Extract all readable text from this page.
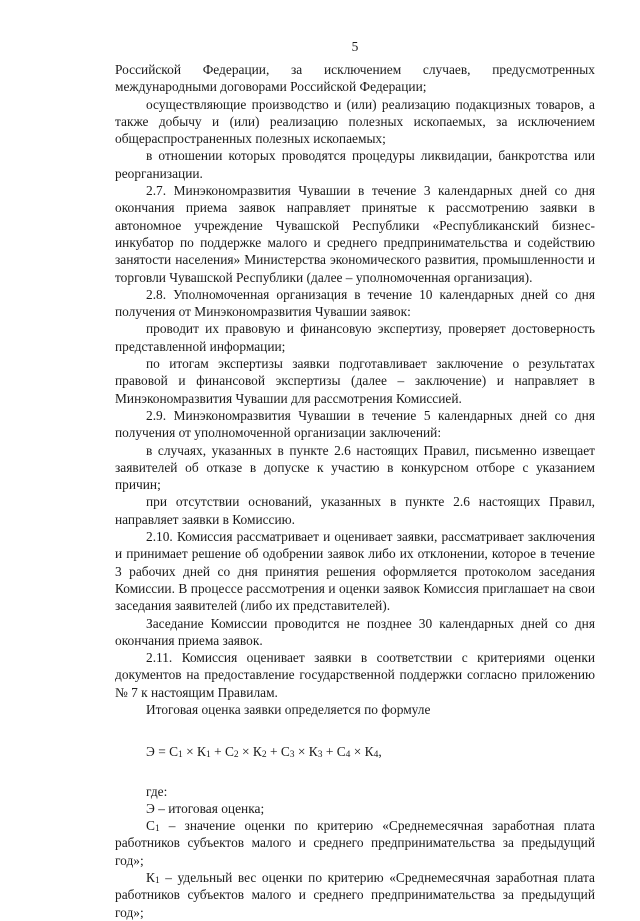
5

Российской Федерации, за исключением случаев, предусмотренных международными договорами Российской Федерации;

осуществляющие производство и (или) реализацию подакцизных товаров, а также добычу и (или) реализацию полезных ископаемых, за исключением общераспространенных полезных ископаемых;

в отношении которых проводятся процедуры ликвидации, банкротства или реорганизации.

2.7. Минэкономразвития Чувашии в течение 3 календарных дней со дня окончания приема заявок направляет принятые к рассмотрению заявки в автономное учреждение Чувашской Республики «Республиканский бизнес-инкубатор по поддержке малого и среднего предпринимательства и содействию занятости населения» Министерства экономического развития, промышленности и торговли Чувашской Республики (далее – уполномоченная организация).

2.8. Уполномоченная организация в течение 10 календарных дней со дня получения от Минэкономразвития Чувашии заявок:

проводит их правовую и финансовую экспертизу, проверяет достоверность представленной информации;

по итогам экспертизы заявки подготавливает заключение о результатах правовой и финансовой экспертизы (далее – заключение) и направляет в Минэкономразвития Чувашии для рассмотрения Комиссией.

2.9. Минэкономразвития Чувашии в течение 5 календарных дней со дня получения от уполномоченной организации заключений:

в случаях, указанных в пункте 2.6 настоящих Правил, письменно извещает заявителей об отказе в допуске к участию в конкурсном отборе с указанием причин;

при отсутствии оснований, указанных в пункте 2.6 настоящих Правил, направляет заявки в Комиссию.

2.10. Комиссия рассматривает и оценивает заявки, рассматривает заключения и принимает решение об одобрении заявок либо их отклонении, которое в течение 3 рабочих дней со дня принятия решения оформляется протоколом заседания Комиссии. В процессе рассмотрения и оценки заявок Комиссия приглашает на свои заседания заявителей (либо их представителей).

Заседание Комиссии проводится не позднее 30 календарных дней со дня окончания приема заявок.

2.11. Комиссия оценивает заявки в соответствии с критериями оценки документов на предоставление государственной поддержки согласно приложению № 7 к настоящим Правилам.

Итоговая оценка заявки определяется по формуле

$Э = С_1 \times К_1 + С_2 \times К_2 + С_3 \times К_3 + С_4 \times К_4$,

где:

Э – итоговая оценка;

$С_1$ – значение оценки по критерию «Среднемесячная заработная плата работников субъектов малого и среднего предпринимательства за предыдущий год»;

$К_1$ – удельный вес оценки по критерию «Среднемесячная заработная плата работников субъектов малого и среднего предпринимательства за предыдущий год»;
